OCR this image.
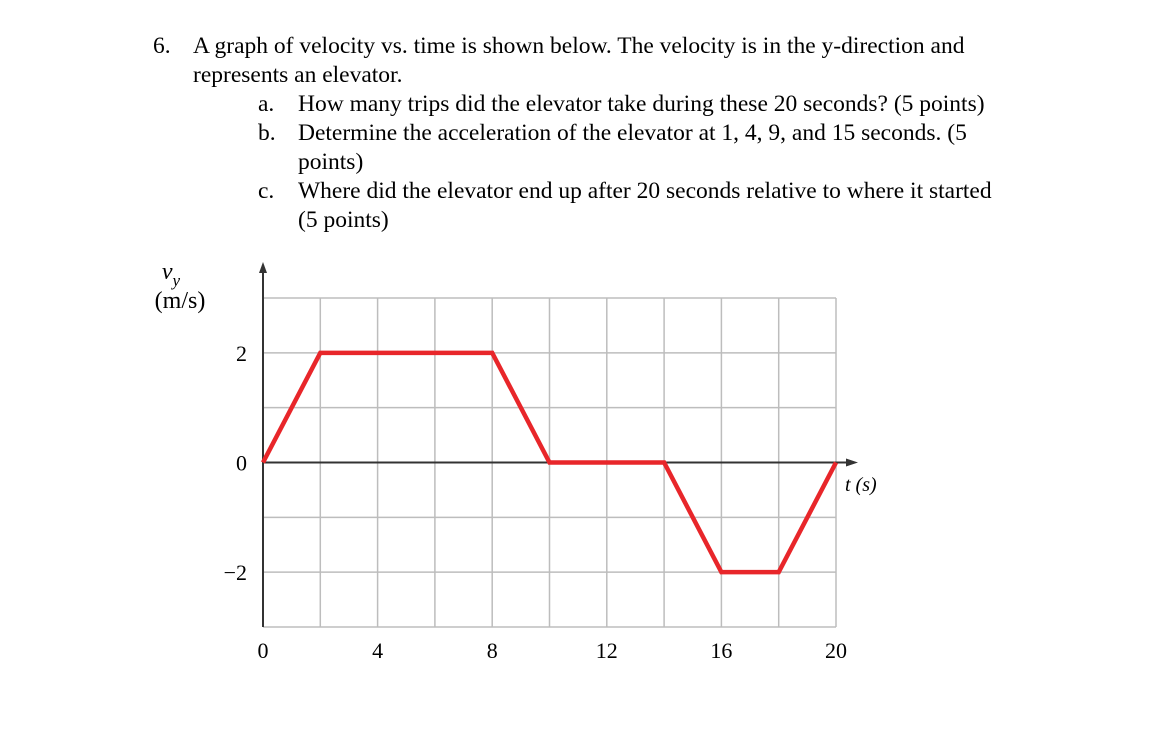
6. A graph of velocity vs. time is shown below. The velocity is in the y-direction and
represents an elevator.
a. How many trips did the elevator take during these 20 seconds? (5 points)
b. Determine the acceleration of the elevator at 1, 4, 9, and 15 seconds. (5
points)
c. Where did the elevator end up after 20 seconds relative to where it started
(5 points)
0	4	8	12	16	20
2
0
−2
$v_y$
(m/s)
t (s)
